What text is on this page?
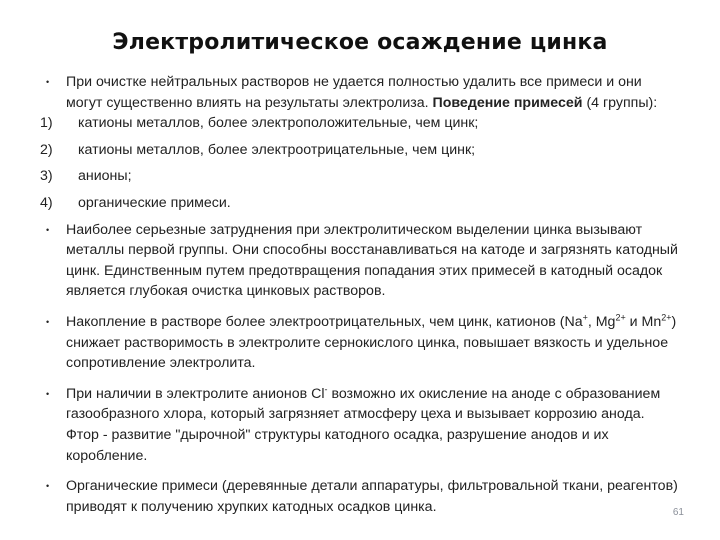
Электролитическое осаждение цинка
•	При очистке нейтральных растворов не удается полностью удалить все примеси и они могут существенно влиять на результаты электролиза. Поведение примесей (4 группы):
1)	катионы металлов, более электроположительные, чем цинк;
2)	катионы металлов, более электроотрицательные, чем цинк;
3)	анионы;
4)	органические примеси.
•	Наиболее серьезные затруднения при электролитическом выделении цинка вызывают металлы первой группы. Они способны восстанавливаться на катоде и загрязнять катодный цинк. Единственным путем предотвращения попадания этих примесей в катодный осадок является глубокая очистка цинковых растворов.
•	Накопление в растворе более электроотрицательных, чем цинк, катионов (Na+, $Mg^{2+}$ и $Mn^{2+}$) снижает растворимость в электролите сернокислого цинка, повышает вязкость и удельное сопротивление электролита.
•	При наличии в электролите анионов Cl- возможно их окисление на аноде с образованием газообразного хлора, который загрязняет атмосферу цеха и вызывает коррозию анода. Фтор - развитие "дырочной" структуры катодного осадка, разрушение анодов и их коробление.
•	Органические примеси (деревянные детали аппаратуры, фильтровальной ткани, реагентов) приводят к получению хрупких катодных осадков цинка.	61
